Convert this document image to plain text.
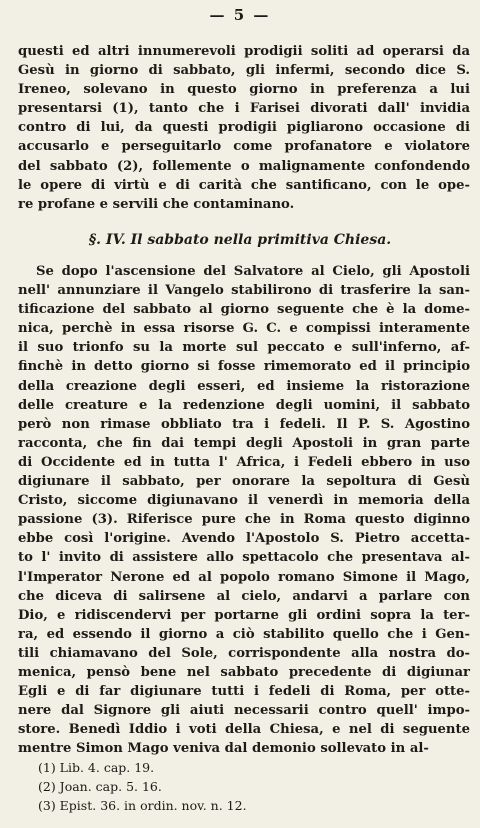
— 5 —
questi ed altri innumerevoli prodigii soliti ad operarsi da
Gesù in giorno di sabbato, gli infermi, secondo dice S.
Ireneo, solevano in questo giorno in preferenza a lui
presentarsi (1), tanto che i Farisei divorati dall' invidia
contro di lui, da questi prodigii pigliarono occasione di
accusarlo e perseguitarlo come profanatore e violatore
del sabbato (2), follemente o malignamente confondendo
le opere di virtù e di carità che santificano, con le ope-
re profane e servili che contaminano.
§. IV. Il sabbato nella primitiva Chiesa.
Se dopo l'ascensione del Salvatore al Cielo, gli Apostoli
nell' annunziare il Vangelo stabilirono di trasferire la san-
tificazione del sabbato al giorno seguente che è la dome-
nica, perchè in essa risorse G. C. e compissi interamente
il suo trionfo su la morte sul peccato e sull'inferno, af-
finchè in detto giorno si fosse rimemorato ed il principio
della creazione degli esseri, ed insieme la ristorazione
delle creature e la redenzione degli uomini, il sabbato
però non rimase obbliato tra i fedeli. Il P. S. Agostino
racconta, che fin dai tempi degli Apostoli in gran parte
di Occidente ed in tutta l' Africa, i Fedeli ebbero in uso
digiunare il sabbato, per onorare la sepoltura di Gesù
Cristo, siccome digiunavano il venerdì in memoria della
passione (3). Riferisce pure che in Roma questo diginno
ebbe così l'origine. Avendo l'Apostolo S. Pietro accetta-
to l' invito di assistere allo spettacolo che presentava al-
l'Imperator Nerone ed al popolo romano Simone il Mago,
che diceva di salirsene al cielo, andarvi a parlare con
Dio, e ridiscendervi per portarne gli ordini sopra la ter-
ra, ed essendo il giorno a ciò stabilito quello che i Gen-
tili chiamavano del Sole, corrispondente alla nostra do-
menica, pensò bene nel sabbato precedente di digiunar
Egli e di far digiunare tutti i fedeli di Roma, per otte-
nere dal Signore gli aiuti necessarii contro quell' impo-
store. Benedì Iddio i voti della Chiesa, e nel di seguente
mentre Simon Mago veniva dal demonio sollevato in al-
(1) Lib. 4. cap. 19.
(2) Joan. cap. 5. 16.
(3) Epist. 36. in ordin. nov. n. 12.
